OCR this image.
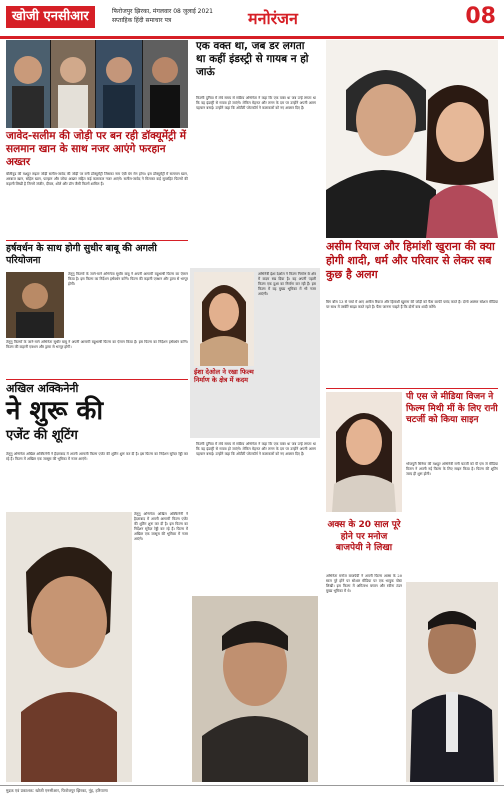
खोजी एनसीआर	फिरोजपुर झिरका, मंगलवार 08 जुलाई 2021
सप्ताहिक हिंदी समाचार पत्र	मनोरंजन	08
जावेद-सलीम की जोड़ी पर बन रही डॉक्यूमेंट्री में सलमान खान के साथ नजर आएंगे फरहान अख्तर
बॉलीवुड की मशहूर राइटर जोड़ी सलीम-जावेद की जोड़ी पर बनी डॉक्यूमेंट्री जिसका नाम एंग्री यंग मेन होगा। इस डॉक्यूमेंट्री में सलमान खान, अरबाज खान, सोहेल खान, फरहान और जोया अख्तर सहित कई कलाकार नजर आएंगे। सलीम-जावेद ने मिलकर कई सुपरहिट फिल्मों की कहानी लिखी है जिनमें जंजीर, दीवार, शोले और डॉन जैसी फिल्में शामिल हैं।
हर्षवर्धन के साथ होगी सुधीर बाबू की अगली परियोजना
तेलुगू फिल्मों के जाने-माने अभिनेता सुधीर बाबू ने अपनी आगामी बहुभाषी फिल्म का ऐलान किया है। इस फिल्म का निर्देशन हर्षवर्धन करेंगे। फिल्म की कहानी एक्शन और ड्रामा से भरपूर होगी।
तेलुगू फिल्मों के जाने-माने अभिनेता सुधीर बाबू ने अपनी आगामी बहुभाषी फिल्म का ऐलान किया है। इस फिल्म का निर्देशन हर्षवर्धन करेंगे। फिल्म की कहानी एक्शन और ड्रामा से भरपूर होगी।
अखिल अक्किनेनी
ने शुरू की
एजेंट की शूटिंग
तेलुगू अभिनेता अखिल अक्किनेनी ने हैदराबाद में अपनी आगामी फिल्म एजेंट की शूटिंग शुरू कर दी है। इस फिल्म का निर्देशन सुरेंदर रेड्डी कर रहे हैं। फिल्म में अखिल एक जासूस की भूमिका में नजर आएंगे।
तेलुगू अभिनेता अखिल अक्किनेनी ने हैदराबाद में अपनी आगामी फिल्म एजेंट की शूटिंग शुरू कर दी है। इस फिल्म का निर्देशन सुरेंदर रेड्डी कर रहे हैं। फिल्म में अखिल एक जासूस की भूमिका में नजर आएंगे।
एक वक्त था, जब डर लगता था कहीं इंडस्ट्री से गायब न हो जाऊं
फिल्मी दुनिया में लंबे समय से सक्रिय अभिनेता ने कहा कि एक वक्त था जब उन्हें लगता था कि वह इंडस्ट्री से गायब हो जाएंगे। लेकिन मेहनत और लगन के दम पर उन्होंने अपनी अलग पहचान बनाई। उन्होंने कहा कि ओटीटी प्लेटफॉर्म ने कलाकारों को नए अवसर दिए हैं।
ईशा देओल ने रखा फिल्म निर्माण के क्षेत्र में कदम
अभिनेत्री ईशा देओल ने फिल्म निर्माण के क्षेत्र में कदम रख दिया है। वह अपनी पहली फिल्म एक दुआ का निर्माण कर रही हैं। इस फिल्म में वह मुख्य भूमिका में भी नजर आएंगी।
फिल्मी दुनिया में लंबे समय से सक्रिय अभिनेता ने कहा कि एक वक्त था जब उन्हें लगता था कि वह इंडस्ट्री से गायब हो जाएंगे। लेकिन मेहनत और लगन के दम पर उन्होंने अपनी अलग पहचान बनाई। उन्होंने कहा कि ओटीटी प्लेटफॉर्म ने कलाकारों को नए अवसर दिए हैं।
असीम रियाज और हिमांशी खुराना की क्या होगी शादी, धर्म और परिवार से लेकर सब कुछ है अलग
बिग बॉस 13 से चर्चा में आए असीम रियाज और हिमांशी खुराना की जोड़ी को फैंस काफी पसंद करते हैं। दोनों अक्सर सोशल मीडिया पर साथ में तस्वीरें साझा करते रहते हैं। फैंस जानना चाहते हैं कि दोनों कब शादी करेंगे।
पी एस जे मीडिया विजन ने फिल्म मिथी मीं के लिए रानी चटर्जी को किया साइन
भोजपुरी सिनेमा की मशहूर अभिनेत्री रानी चटर्जी को पी एस जे मीडिया विजन ने अपनी नई फिल्म के लिए साइन किया है। फिल्म की शूटिंग जल्द ही शुरू होगी।
अक्स के 20 साल पूरे होने पर मनोज बाजपेयी ने लिखा
अभिनेता मनोज बाजपेयी ने अपनी फिल्म अक्स के 20 साल पूरे होने पर सोशल मीडिया पर एक भावुक पोस्ट लिखी। इस फिल्म में अमिताभ बच्चन और रवीना टंडन मुख्य भूमिका में थे।
मुद्रक एवं प्रकाशक: खोजी एनसीआर, फिरोजपुर झिरका, नूंह, हरियाणा
